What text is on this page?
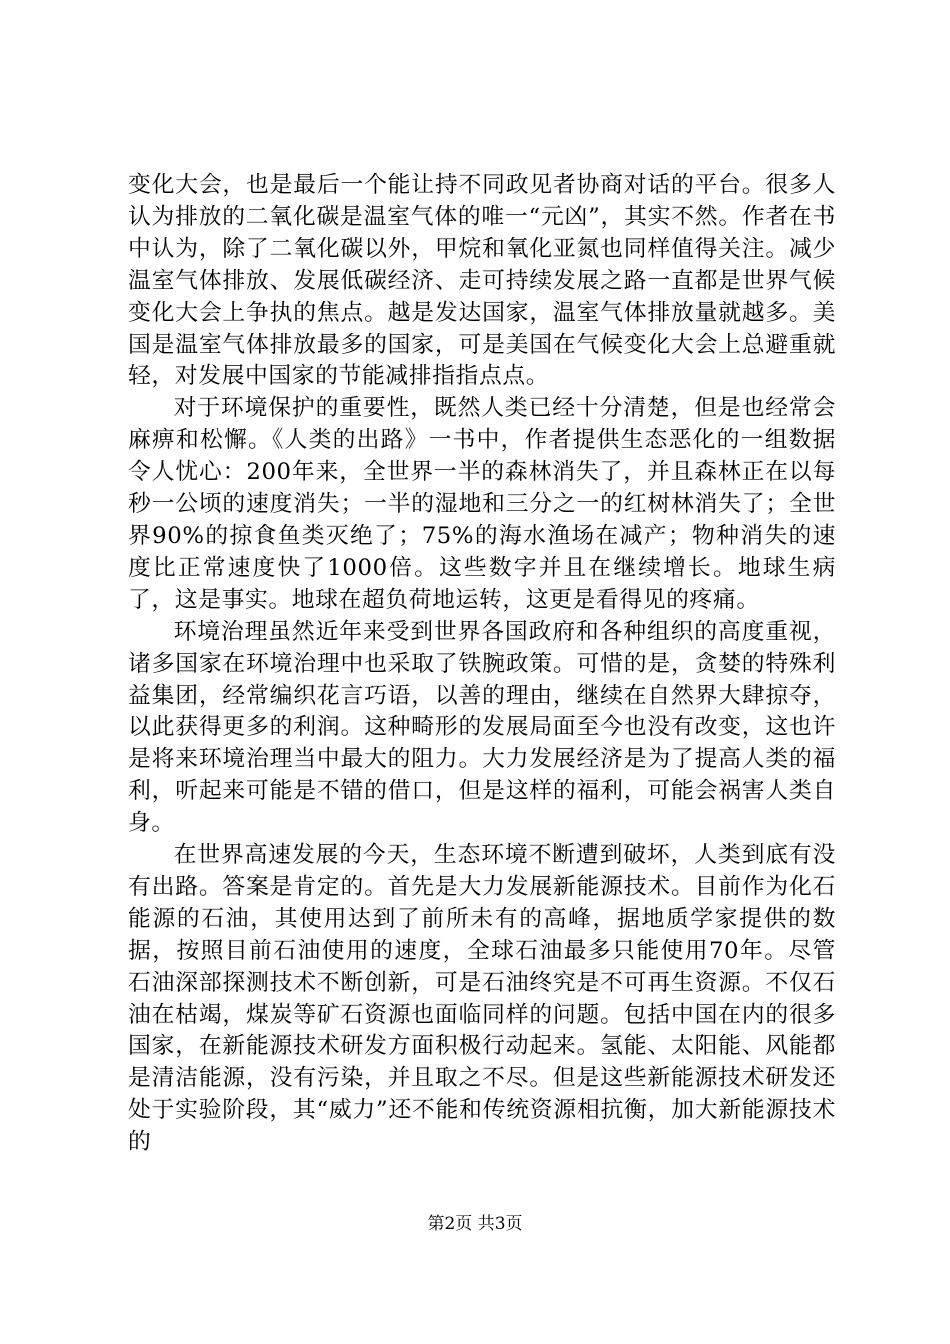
变化大会，也是最后一个能让持不同政见者协商对话的平台。很多人认为排放的二氧化碳是温室气体的唯一“元凶”，其实不然。作者在书中认为，除了二氧化碳以外，甲烷和氧化亚氮也同样值得关注。减少温室气体排放、发展低碳经济、走可持续发展之路一直都是世界气候变化大会上争执的焦点。越是发达国家，温室气体排放量就越多。美国是温室气体排放最多的国家，可是美国在气候变化大会上总避重就轻，对发展中国家的节能减排指指点点。

对于环境保护的重要性，既然人类已经十分清楚，但是也经常会麻痹和松懈。《人类的出路》一书中，作者提供生态恶化的一组数据令人忧心：200年来，全世界一半的森林消失了，并且森林正在以每秒一公顷的速度消失；一半的湿地和三分之一的红树林消失了；全世界90%的掠食鱼类灭绝了；75%的海水渔场在减产；物种消失的速度比正常速度快了1000倍。这些数字并且在继续增长。地球生病了，这是事实。地球在超负荷地运转，这更是看得见的疼痛。

环境治理虽然近年来受到世界各国政府和各种组织的高度重视，诸多国家在环境治理中也采取了铁腕政策。可惜的是，贪婪的特殊利益集团，经常编织花言巧语，以善的理由，继续在自然界大肆掠夺，以此获得更多的利润。这种畸形的发展局面至今也没有改变，这也许是将来环境治理当中最大的阻力。大力发展经济是为了提高人类的福利，听起来可能是不错的借口，但是这样的福利，可能会祸害人类自身。

在世界高速发展的今天，生态环境不断遭到破坏，人类到底有没有出路。答案是肯定的。首先是大力发展新能源技术。目前作为化石能源的石油，其使用达到了前所未有的高峰，据地质学家提供的数据，按照目前石油使用的速度，全球石油最多只能使用70年。尽管石油深部探测技术不断创新，可是石油终究是不可再生资源。不仅石油在枯竭，煤炭等矿石资源也面临同样的问题。包括中国在内的很多国家，在新能源技术研发方面积极行动起来。氢能、太阳能、风能都是清洁能源，没有污染，并且取之不尽。但是这些新能源技术研发还处于实验阶段，其“威力”还不能和传统资源相抗衡，加大新能源技术的

第2页 共3页
